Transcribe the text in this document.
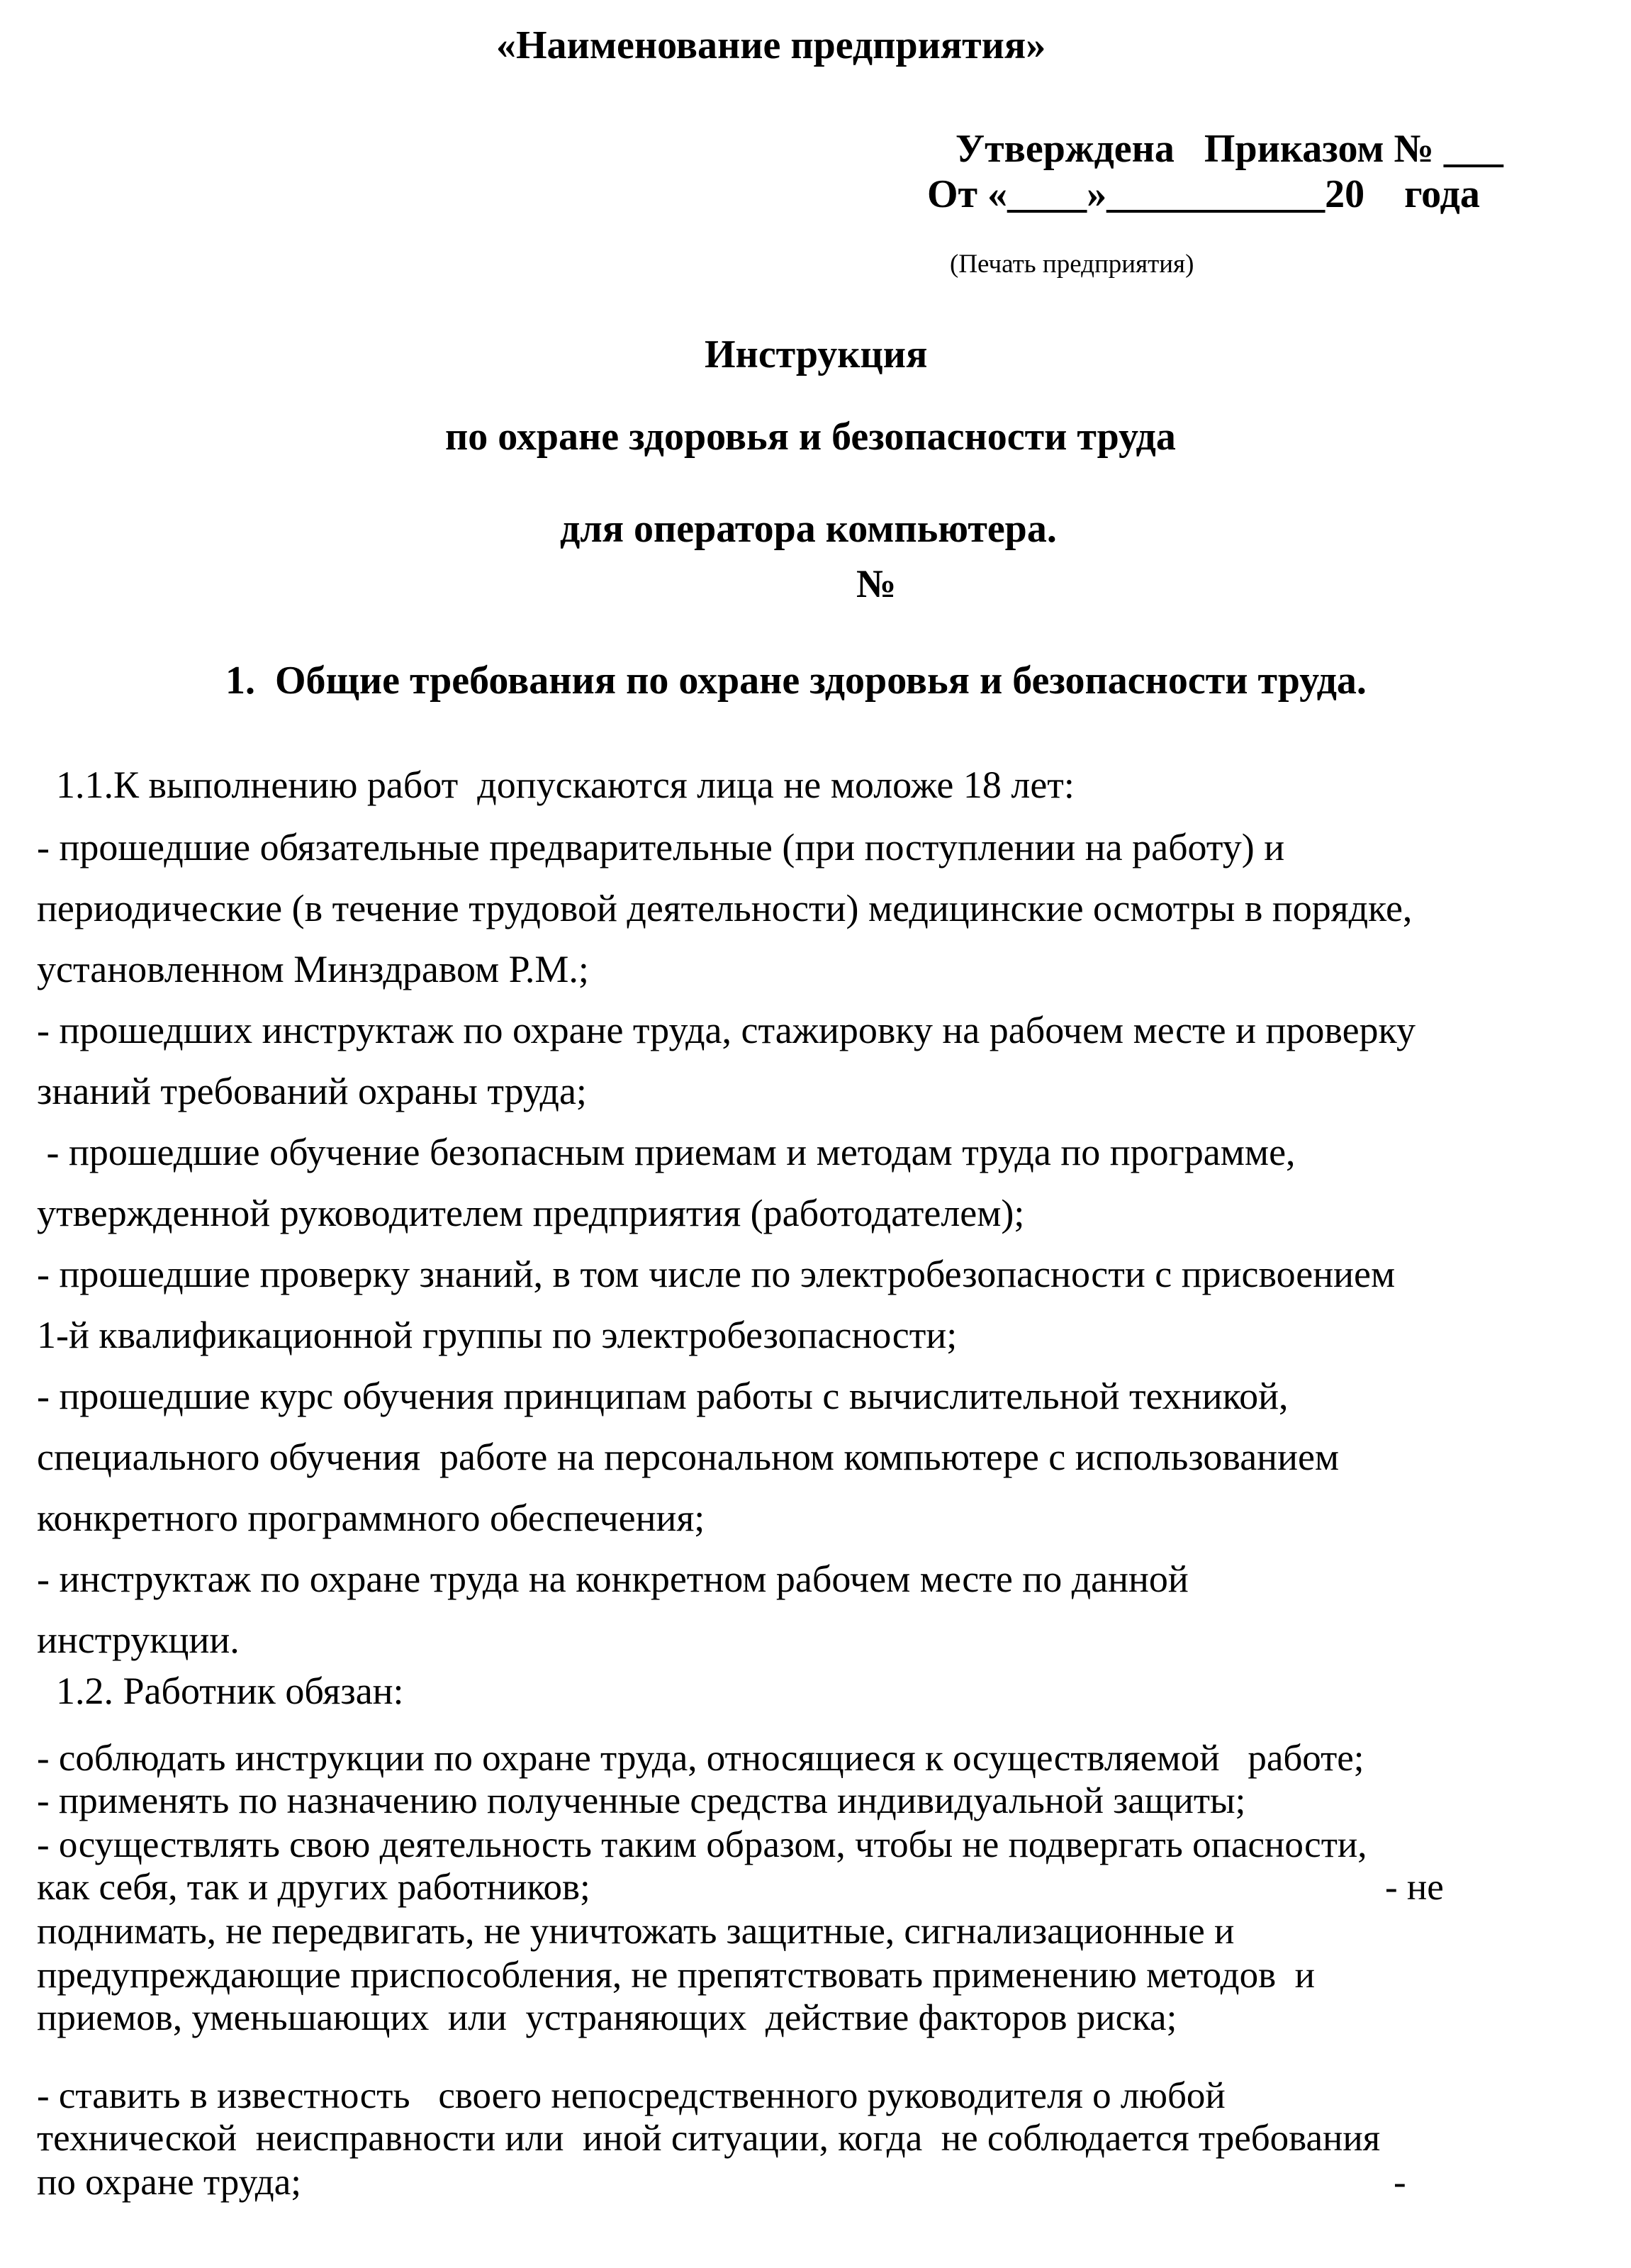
«Наименование предприятия»
Утверждена   Приказом № ___
От «____»___________20    года
(Печать предприятия)
Инструкция
по охране здоровья и безопасности труда
для оператора компьютера.
№
1.  Общие требования по охране здоровья и безопасности труда.
1.1.К выполнению работ  допускаются лица не моложе 18 лет:
- прошедшие обязательные предварительные (при поступлении на работу) и
периодические (в течение трудовой деятельности) медицинские осмотры в порядке,
установленном Минздравом Р.М.;
- прошедших инструктаж по охране труда, стажировку на рабочем месте и проверку
знаний требований охраны труда;
- прошедшие обучение безопасным приемам и методам труда по программе,
утвержденной руководителем предприятия (работодателем);
- прошедшие проверку знаний, в том числе по электробезопасности с присвоением
1-й квалификационной группы по электробезопасности;
- прошедшие курс обучения принципам работы с вычислительной техникой,
специального обучения  работе на персональном компьютере с использованием
конкретного программного обеспечения;
- инструктаж по охране труда на конкретном рабочем месте по данной
инструкции.
1.2. Работник обязан:
- соблюдать инструкции по охране труда, относящиеся к осуществляемой   работе;
- применять по назначению полученные средства индивидуальной защиты;
- осуществлять свою деятельность таким образом, чтобы не подвергать опасности,
как себя, так и других работников;	- не
поднимать, не передвигать, не уничтожать защитные, сигнализационные и
предупреждающие приспособления, не препятствовать применению методов  и
приемов, уменьшающих  или  устраняющих  действие факторов риска;
- ставить в известность   своего непосредственного руководителя о любой
технической  неисправности или  иной ситуации, когда  не соблюдается требования
по охране труда;	-
